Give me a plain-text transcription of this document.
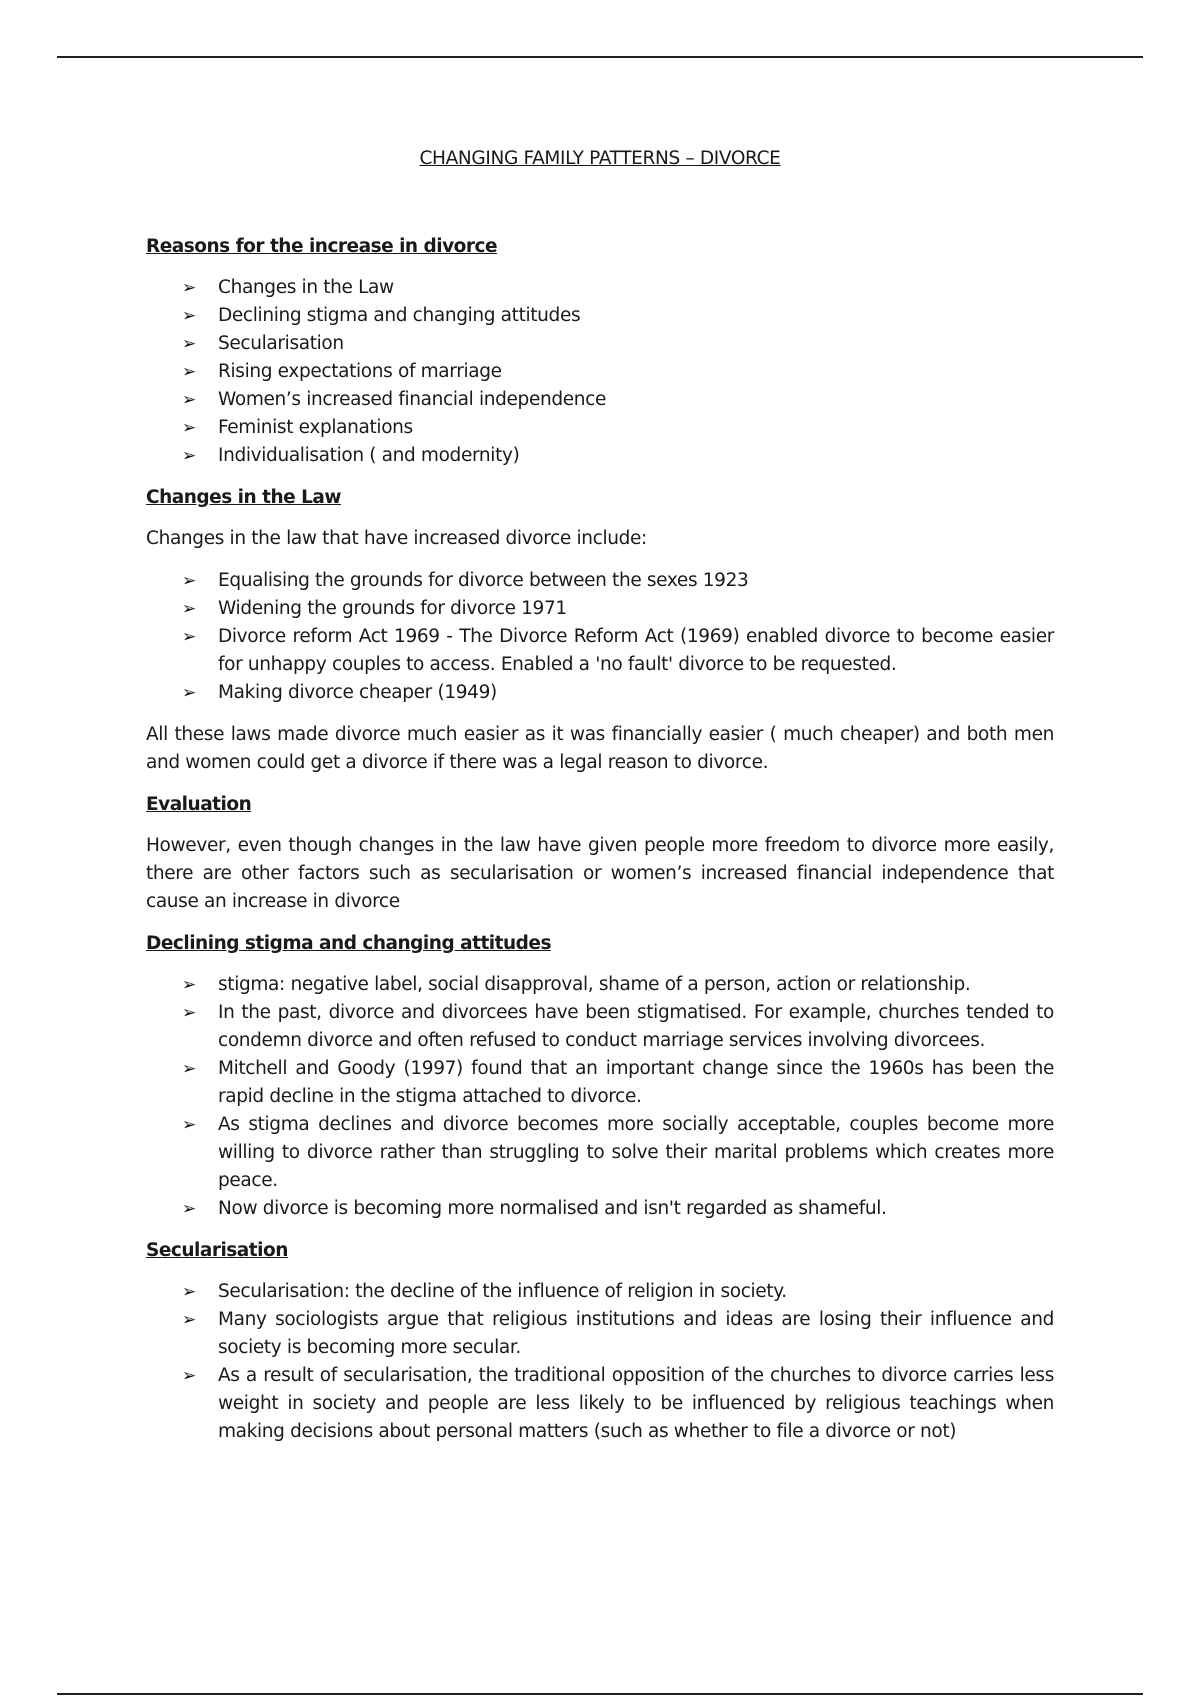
CHANGING FAMILY PATTERNS – DIVORCE
Reasons for the increase in divorce
➢ Changes in the Law
➢ Declining stigma and changing attitudes
➢ Secularisation
➢ Rising expectations of marriage
➢ Women’s increased financial independence
➢ Feminist explanations
➢ Individualisation ( and modernity)
Changes in the Law

Changes in the law that have increased divorce include:

➢ Equalising the grounds for divorce between the sexes 1923
➢ Widening the grounds for divorce 1971
➢ Divorce reform Act 1969 - The Divorce Reform Act (1969) enabled divorce to become easier for unhappy couples to access. Enabled a 'no fault' divorce to be requested.
➢ Making divorce cheaper (1949)

All these laws made divorce much easier as it was financially easier ( much cheaper) and both men and women could get a divorce if there was a legal reason to divorce.

Evaluation

However, even though changes in the law have given people more freedom to divorce more easily, there are other factors such as secularisation or women’s increased financial independence that cause an increase in divorce

Declining stigma and changing attitudes
➢ stigma: negative label, social disapproval, shame of a person, action or relationship.
➢ In the past, divorce and divorcees have been stigmatised. For example, churches tended to condemn divorce and often refused to conduct marriage services involving divorcees.
➢ Mitchell and Goody (1997) found that an important change since the 1960s has been the rapid decline in the stigma attached to divorce.
➢ As stigma declines and divorce becomes more socially acceptable, couples become more willing to divorce rather than struggling to solve their marital problems which creates more peace.
➢ Now divorce is becoming more normalised and isn't regarded as shameful.
Secularisation
➢ Secularisation: the decline of the influence of religion in society.
➢ Many sociologists argue that religious institutions and ideas are losing their influence and society is becoming more secular.
➢ As a result of secularisation, the traditional opposition of the churches to divorce carries less weight in society and people are less likely to be influenced by religious teachings when making decisions about personal matters (such as whether to file a divorce or not)
